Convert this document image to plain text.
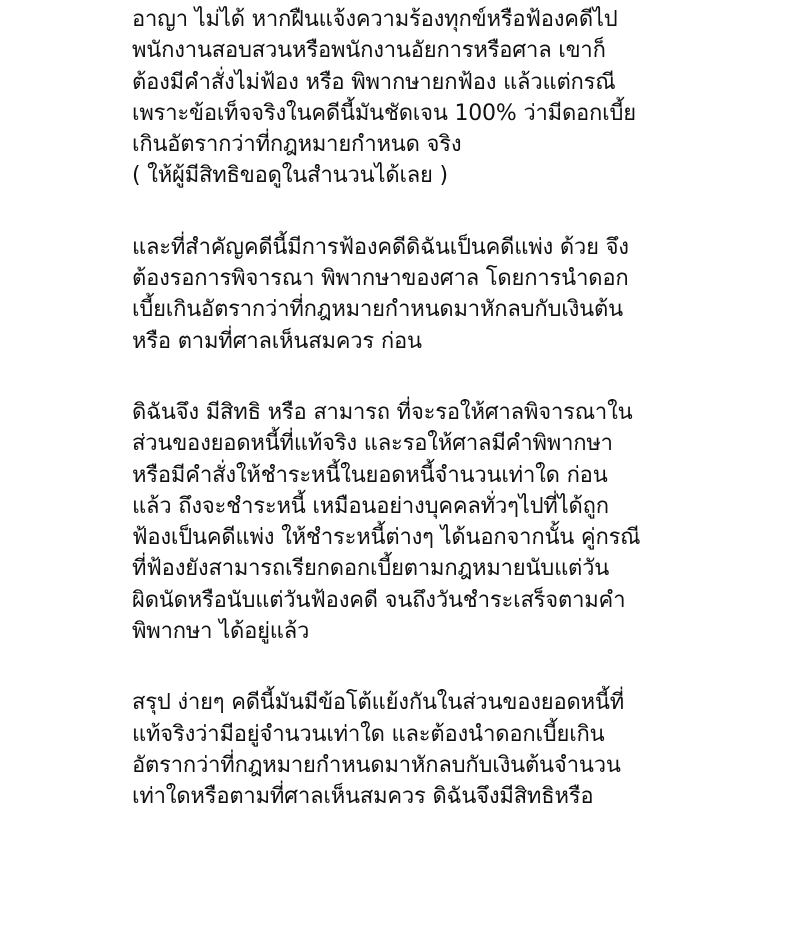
อาญา ไม่ได้ หากฝืนแจ้งความร้องทุกข์หรือฟ้องคดีไป
พนักงานสอบสวนหรือพนักงานอัยการหรือศาล เขาก็
ต้องมีคำสั่งไม่ฟ้อง หรือ พิพากษายกฟ้อง แล้วแต่กรณี
เพราะข้อเท็จจริงในคดีนี้มันชัดเจน 100% ว่ามีดอกเบี้ย
เกินอัตรากว่าที่กฎหมายกำหนด จริง
( ให้ผู้มีสิทธิขอดูในสำนวนได้เลย )
และที่สำคัญคดีนี้มีการฟ้องคดีดิฉันเป็นคดีแพ่ง ด้วย จึง
ต้องรอการพิจารณา พิพากษาของศาล โดยการนำดอก
เบี้ยเกินอัตรากว่าที่กฎหมายกำหนดมาหักลบกับเงินต้น
หรือ ตามที่ศาลเห็นสมควร ก่อน
ดิฉันจึง มีสิทธิ หรือ สามารถ ที่จะรอให้ศาลพิจารณาใน
ส่วนของยอดหนี้ที่แท้จริง และรอให้ศาลมีคำพิพากษา
หรือมีคำสั่งให้ชำระหนี้ในยอดหนี้จำนวนเท่าใด ก่อน
แล้ว ถึงจะชำระหนี้ เหมือนอย่างบุคคลทั่วๆไปที่ได้ถูก
ฟ้องเป็นคดีแพ่ง ให้ชำระหนี้ต่างๆ ได้นอกจากนั้น คู่กรณี
ที่ฟ้องยังสามารถเรียกดอกเบี้ยตามกฎหมายนับแต่วัน
ผิดนัดหรือนับแต่วันฟ้องคดี จนถึงวันชำระเสร็จตามคำ
พิพากษา ได้อยู่แล้ว
สรุป ง่ายๆ คดีนี้มันมีข้อโต้แย้งกันในส่วนของยอดหนี้ที่
แท้จริงว่ามีอยู่จำนวนเท่าใด และต้องนำดอกเบี้ยเกิน
อัตรากว่าที่กฎหมายกำหนดมาหักลบกับเงินต้นจำนวน
เท่าใดหรือตามที่ศาลเห็นสมควร ดิฉันจึงมีสิทธิหรือ
